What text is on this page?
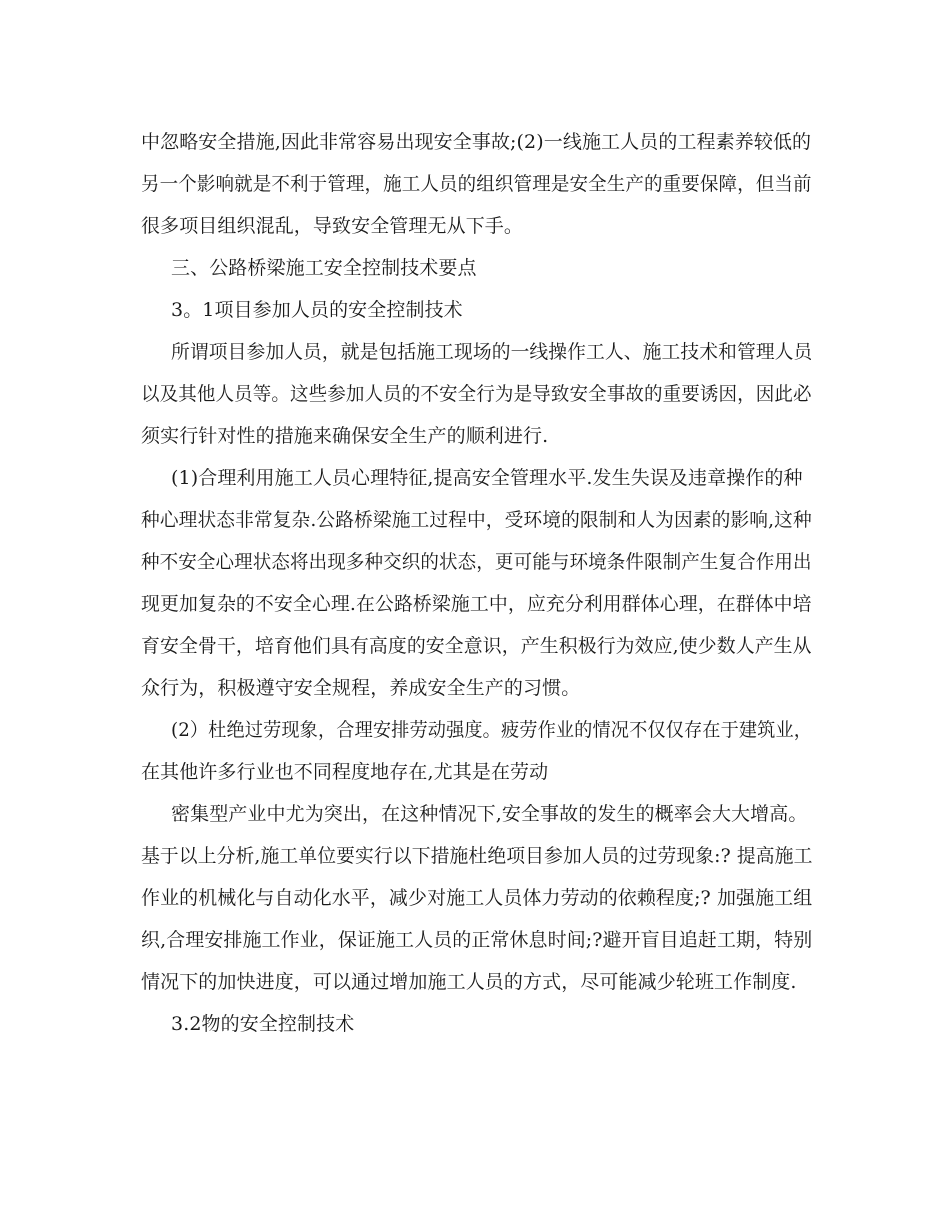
中忽略安全措施,因此非常容易出现安全事故;(2)一线施工人员的工程素养较低的
另一个影响就是不利于管理，施工人员的组织管理是安全生产的重要保障，但当前
很多项目组织混乱，导致安全管理无从下手。
三、公路桥梁施工安全控制技术要点
3。1项目参加人员的安全控制技术
所谓项目参加人员，就是包括施工现场的一线操作工人、施工技术和管理人员
以及其他人员等。这些参加人员的不安全行为是导致安全事故的重要诱因，因此必
须实行针对性的措施来确保安全生产的顺利进行.
(1)合理利用施工人员心理特征,提高安全管理水平.发生失误及违章操作的种
种心理状态非常复杂.公路桥梁施工过程中，受环境的限制和人为因素的影响,这种
种不安全心理状态将出现多种交织的状态，更可能与环境条件限制产生复合作用出
现更加复杂的不安全心理.在公路桥梁施工中，应充分利用群体心理，在群体中培
育安全骨干，培育他们具有高度的安全意识，产生积极行为效应,使少数人产生从
众行为，积极遵守安全规程，养成安全生产的习惯。
(2）杜绝过劳现象，合理安排劳动强度。疲劳作业的情况不仅仅存在于建筑业，
在其他许多行业也不同程度地存在,尤其是在劳动
密集型产业中尤为突出，在这种情况下,安全事故的发生的概率会大大增高。
基于以上分析,施工单位要实行以下措施杜绝项目参加人员的过劳现象:? 提高施工
作业的机械化与自动化水平，减少对施工人员体力劳动的依赖程度;? 加强施工组
织,合理安排施工作业，保证施工人员的正常休息时间;?避开盲目追赶工期，特别
情况下的加快进度，可以通过增加施工人员的方式，尽可能减少轮班工作制度.
3.2物的安全控制技术
